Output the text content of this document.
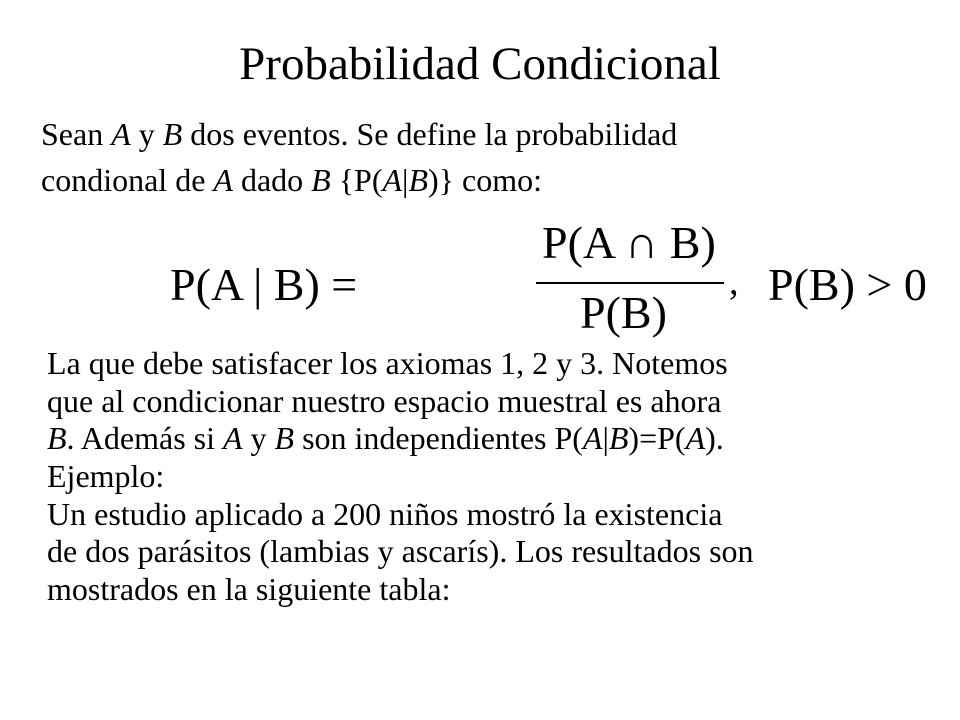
Probabilidad Condicional
Sean A y B dos eventos. Se define la probabilidad
condional de A dado B {P(A|B)} como:
P(A | B) =
P(A ∩ B)
P(B)
, P(B) > 0
La que debe satisfacer los axiomas 1, 2 y 3. Notemos
que al condicionar nuestro espacio muestral es ahora
B. Además si A y B son independientes P(A|B)=P(A).
Ejemplo:
Un estudio aplicado a 200 niños mostró la existencia
de dos parásitos (lambias y ascarís). Los resultados son
mostrados en la siguiente tabla:
